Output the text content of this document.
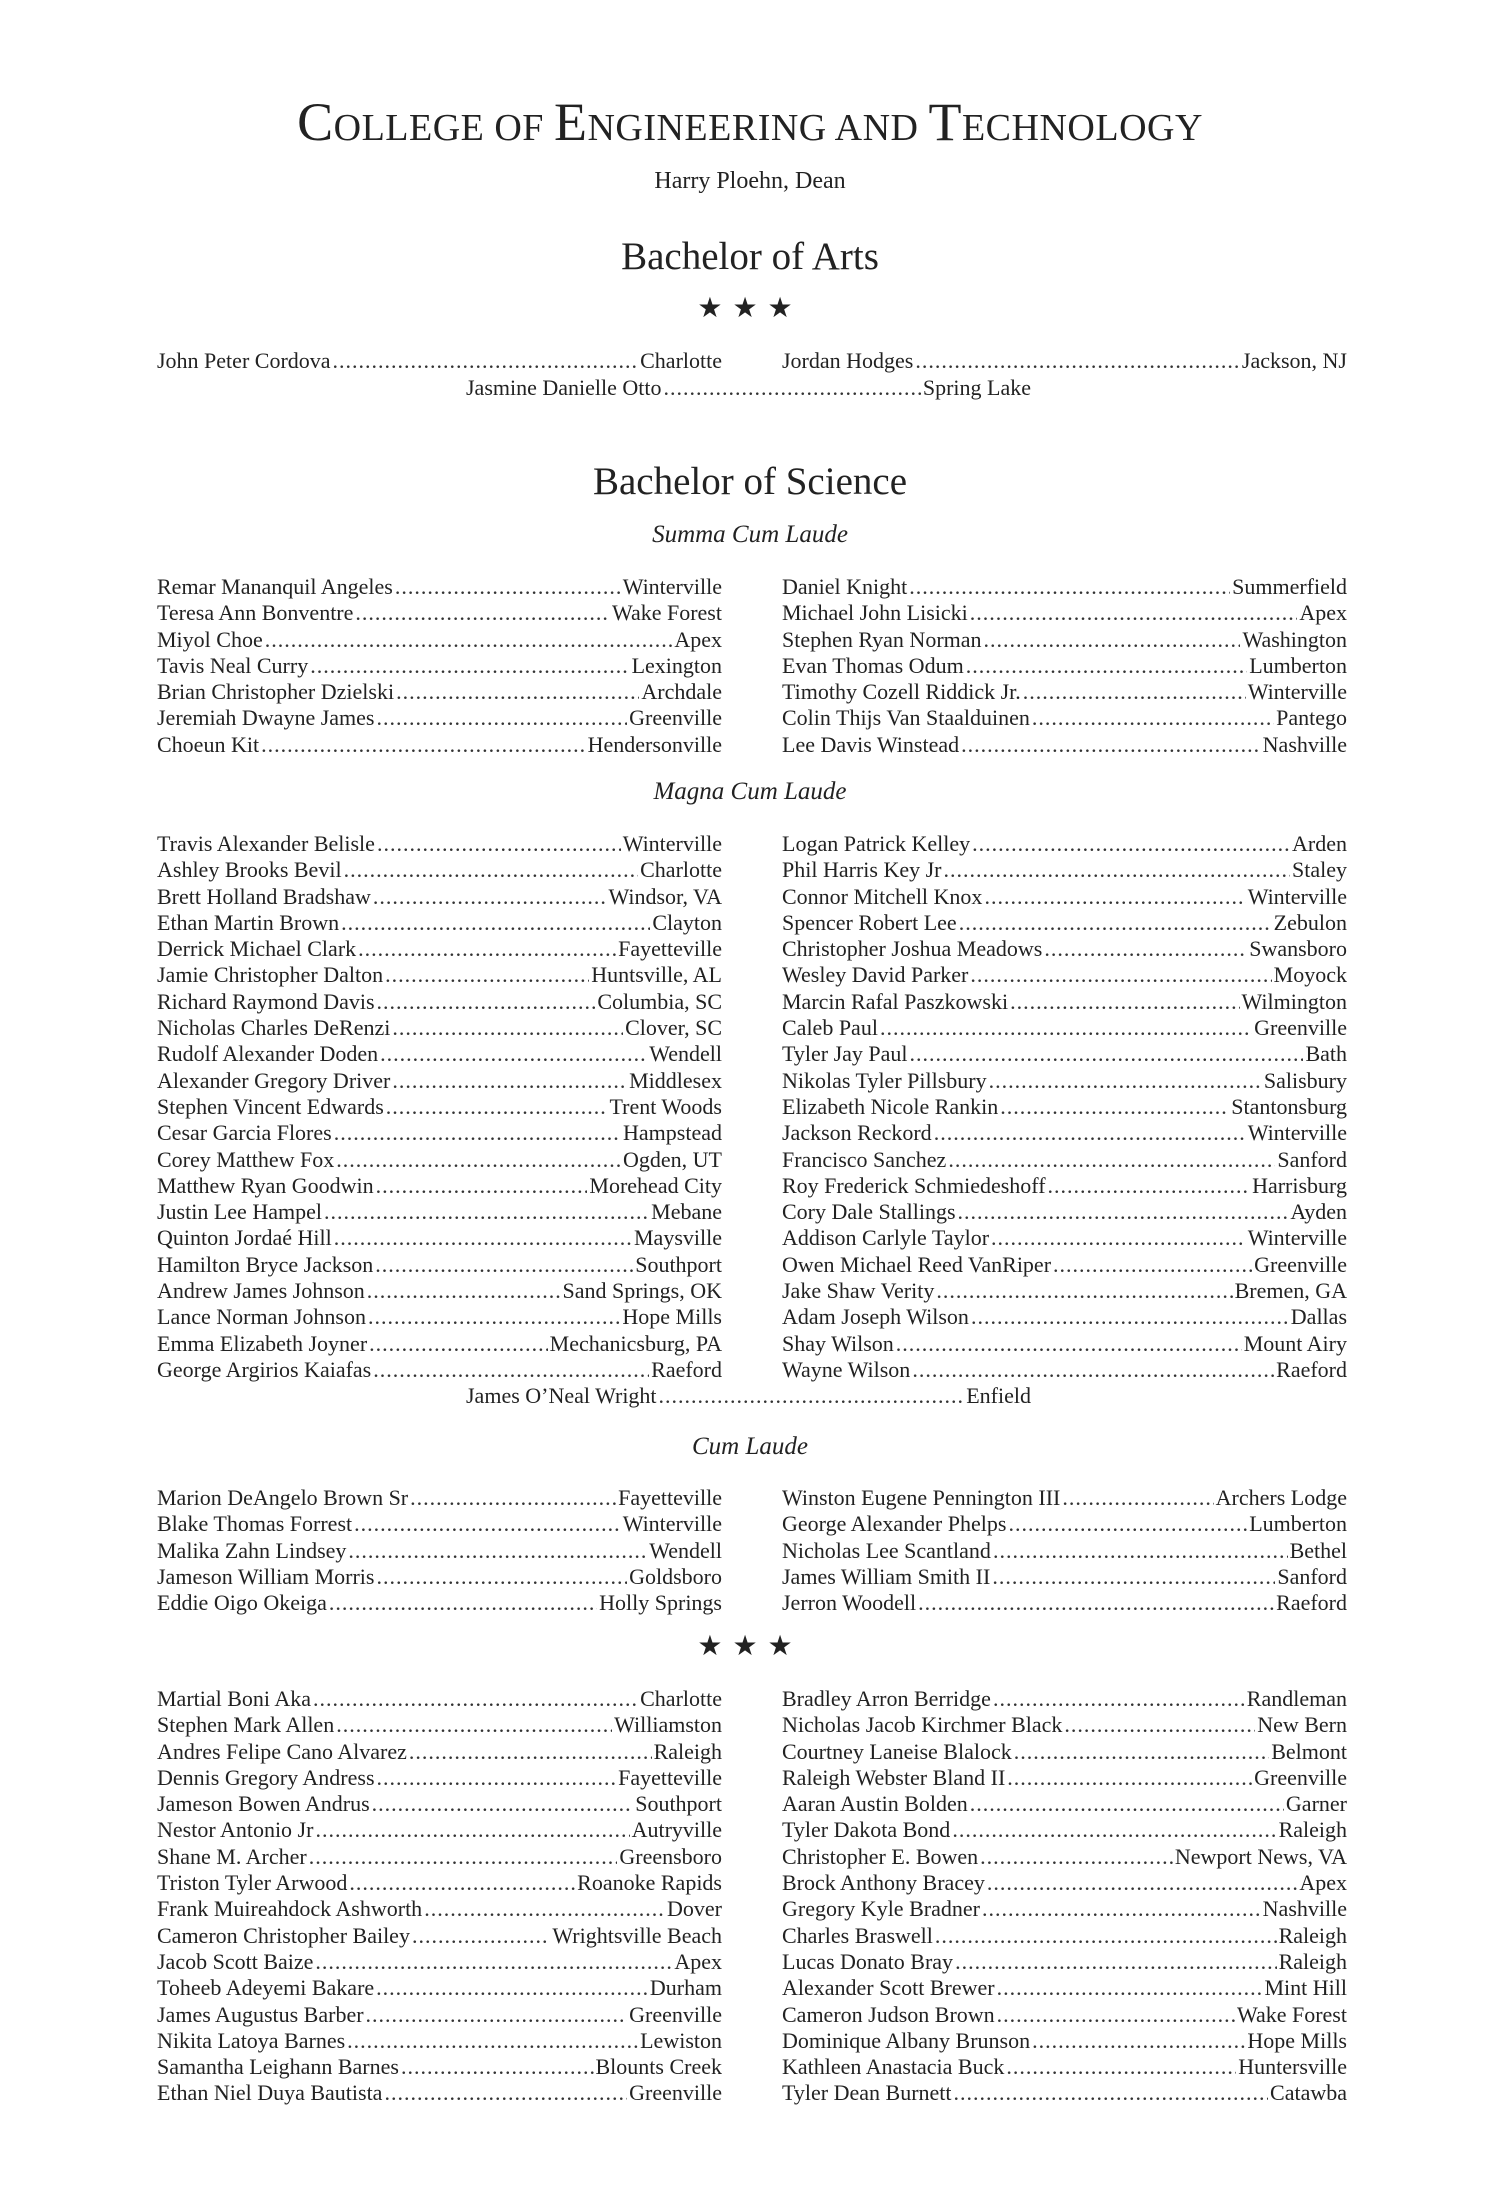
COLLEGE OF ENGINEERING AND TECHNOLOGY
Harry Ploehn, Dean
Bachelor of Arts
★★★
John Peter Cordova .....	Charlotte	Jordan Hodges .....	Jackson, NJ
Jasmine Danielle Otto .....	Spring Lake
Bachelor of Science
Summa Cum Laude
Remar Mananquil Angeles .....	Winterville
Teresa Ann Bonventre .....	Wake Forest
Miyol Choe .....	Apex
Tavis Neal Curry .....	Lexington
Brian Christopher Dzielski .....	Archdale
Jeremiah Dwayne James .....	Greenville
Choeun Kit .....	Hendersonville
Daniel Knight .....	Summerfield
Michael John Lisicki .....	Apex
Stephen Ryan Norman .....	Washington
Evan Thomas Odum .....	Lumberton
Timothy Cozell Riddick Jr. .....	Winterville
Colin Thijs Van Staalduinen .....	Pantego
Lee Davis Winstead .....	Nashville
Magna Cum Laude
Travis Alexander Belisle .....	Winterville
Ashley Brooks Bevil .....	Charlotte
Brett Holland Bradshaw .....	Windsor, VA
Ethan Martin Brown .....	Clayton
Derrick Michael Clark .....	Fayetteville
Jamie Christopher Dalton .....	Huntsville, AL
Richard Raymond Davis .....	Columbia, SC
Nicholas Charles DeRenzi .....	Clover, SC
Rudolf Alexander Doden .....	Wendell
Alexander Gregory Driver .....	Middlesex
Stephen Vincent Edwards .....	Trent Woods
Cesar Garcia Flores .....	Hampstead
Corey Matthew Fox .....	Ogden, UT
Matthew Ryan Goodwin .....	Morehead City
Justin Lee Hampel .....	Mebane
Quinton Jordaé Hill .....	Maysville
Hamilton Bryce Jackson .....	Southport
Andrew James Johnson .....	Sand Springs, OK
Lance Norman Johnson .....	Hope Mills
Emma Elizabeth Joyner .....	Mechanicsburg, PA
George Argirios Kaiafas .....	Raeford
Logan Patrick Kelley .....	Arden
Phil Harris Key Jr .....	Staley
Connor Mitchell Knox .....	Winterville
Spencer Robert Lee .....	Zebulon
Christopher Joshua Meadows .....	Swansboro
Wesley David Parker .....	Moyock
Marcin Rafal Paszkowski .....	Wilmington
Caleb Paul .....	Greenville
Tyler Jay Paul .....	Bath
Nikolas Tyler Pillsbury .....	Salisbury
Elizabeth Nicole Rankin .....	Stantonsburg
Jackson Reckord .....	Winterville
Francisco Sanchez .....	Sanford
Roy Frederick Schmiedeshoff .....	Harrisburg
Cory Dale Stallings .....	Ayden
Addison Carlyle Taylor .....	Winterville
Owen Michael Reed VanRiper .....	Greenville
Jake Shaw Verity .....	Bremen, GA
Adam Joseph Wilson .....	Dallas
Shay Wilson .....	Mount Airy
Wayne Wilson .....	Raeford
James O’Neal Wright .....	Enfield
Cum Laude
Marion DeAngelo Brown Sr .....	Fayetteville
Blake Thomas Forrest .....	Winterville
Malika Zahn Lindsey .....	Wendell
Jameson William Morris .....	Goldsboro
Eddie Oigo Okeiga .....	Holly Springs
Winston Eugene Pennington III .....	Archers Lodge
George Alexander Phelps .....	Lumberton
Nicholas Lee Scantland .....	Bethel
James William Smith II .....	Sanford
Jerron Woodell .....	Raeford
★★★
Martial Boni Aka .....	Charlotte
Stephen Mark Allen .....	Williamston
Andres Felipe Cano Alvarez .....	Raleigh
Dennis Gregory Andress .....	Fayetteville
Jameson Bowen Andrus .....	Southport
Nestor Antonio Jr .....	Autryville
Shane M. Archer .....	Greensboro
Triston Tyler Arwood .....	Roanoke Rapids
Frank Muireahdock Ashworth .....	Dover
Cameron Christopher Bailey .....	Wrightsville Beach
Jacob Scott Baize .....	Apex
Toheeb Adeyemi Bakare .....	Durham
James Augustus Barber .....	Greenville
Nikita Latoya Barnes .....	Lewiston
Samantha Leighann Barnes .....	Blounts Creek
Ethan Niel Duya Bautista .....	Greenville
Bradley Arron Berridge .....	Randleman
Nicholas Jacob Kirchmer Black .....	New Bern
Courtney Laneise Blalock .....	Belmont
Raleigh Webster Bland II .....	Greenville
Aaran Austin Bolden .....	Garner
Tyler Dakota Bond .....	Raleigh
Christopher E. Bowen .....	Newport News, VA
Brock Anthony Bracey .....	Apex
Gregory Kyle Bradner .....	Nashville
Charles Braswell .....	Raleigh
Lucas Donato Bray .....	Raleigh
Alexander Scott Brewer .....	Mint Hill
Cameron Judson Brown .....	Wake Forest
Dominique Albany Brunson .....	Hope Mills
Kathleen Anastacia Buck .....	Huntersville
Tyler Dean Burnett .....	Catawba
